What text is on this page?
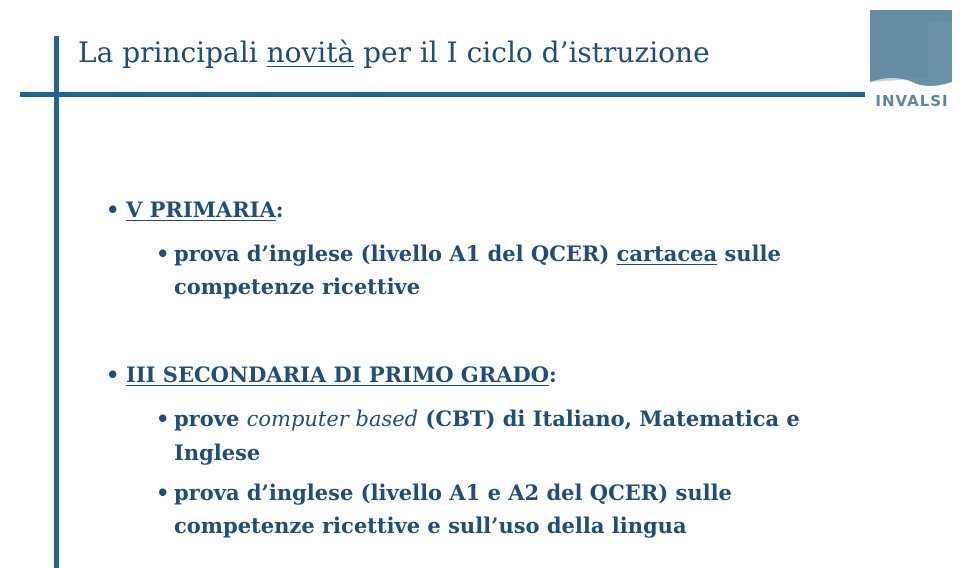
La principali novità per il I ciclo d’istruzione
INVALSI
• V PRIMARIA:
• prova d’inglese (livello A1 del QCER) cartacea sulle competenze ricettive
• III SECONDARIA DI PRIMO GRADO:
• prove computer based (CBT) di Italiano, Matematica e Inglese
• prova d’inglese (livello A1 e A2 del QCER) sulle competenze ricettive e sull’uso della lingua
